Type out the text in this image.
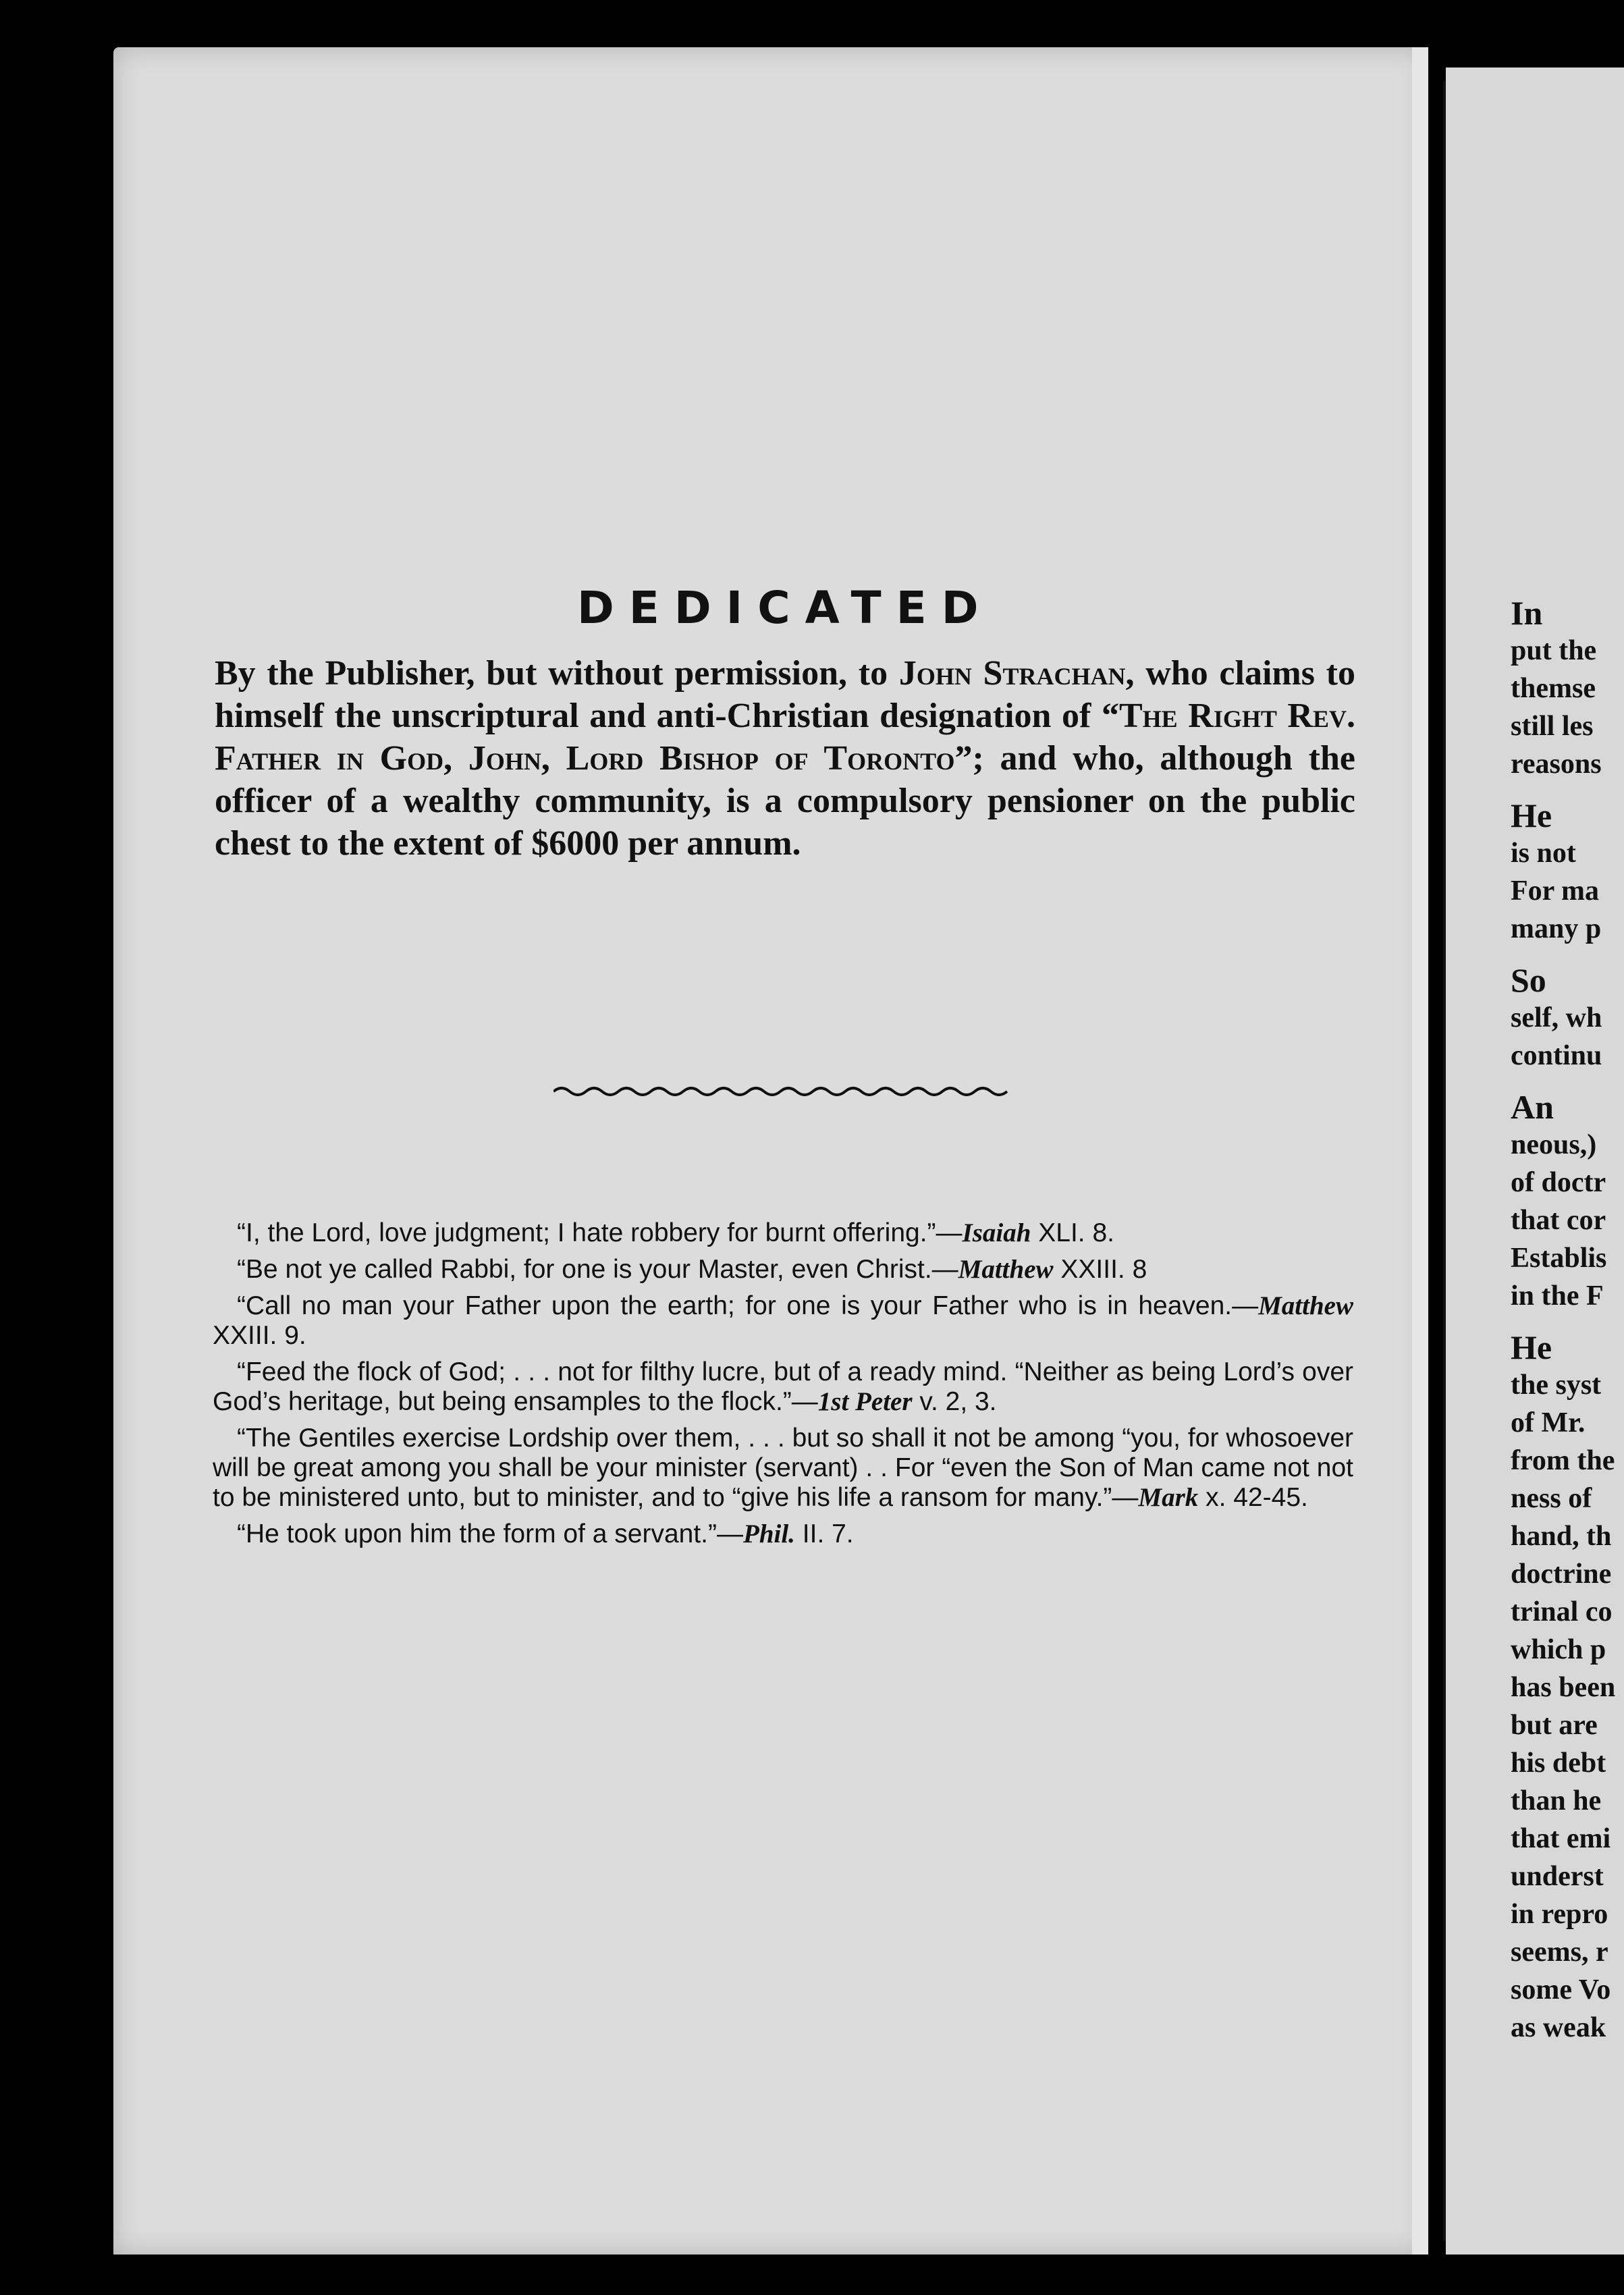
DEDICATED
By the Publisher, but without permission, to John Strachan, who claims to himself the unscriptural and anti-Christian designation of “The Right Rev. Father in God, John, Lord Bishop of Toronto”; and who, although the officer of a wealthy community, is a compulsory pensioner on the public chest to the extent of $6000 per annum.

“I, the Lord, love judgment; I hate robbery for burnt offering.”—Isaiah XLI. 8.

“Be not ye called Rabbi, for one is your Master, even Christ.—Matthew XXIII. 8

“Call no man your Father upon the earth; for one is your Father who is in heaven.—Matthew XXIII. 9.

“Feed the flock of God; . . . not for filthy lucre, but of a ready mind. “Neither as being Lord’s over God’s heritage, but being ensamples to the flock.”—1st Peter v. 2, 3.

“The Gentiles exercise Lordship over them, . . . but so shall it not be among “you, for whosoever will be great among you shall be your minister (servant) . . For “even the Son of Man came not not to be ministered unto, but to minister, and to “give his life a ransom for many.”—Mark x. 42-45.

“He took upon him the form of a servant.”—Phil. II. 7.

In
put the
themse
still les
reasons
He
is not
For ma
many p
So
self, wh
continu
An
neous,)
of doctr
that cor
Establis
in the F
He
the syst
of Mr.
from the
ness of
hand, th
doctrine
trinal co
which p
has been
but are
his debt
than he
that emi
underst
in repro
seems, r
some Vo
as weak
